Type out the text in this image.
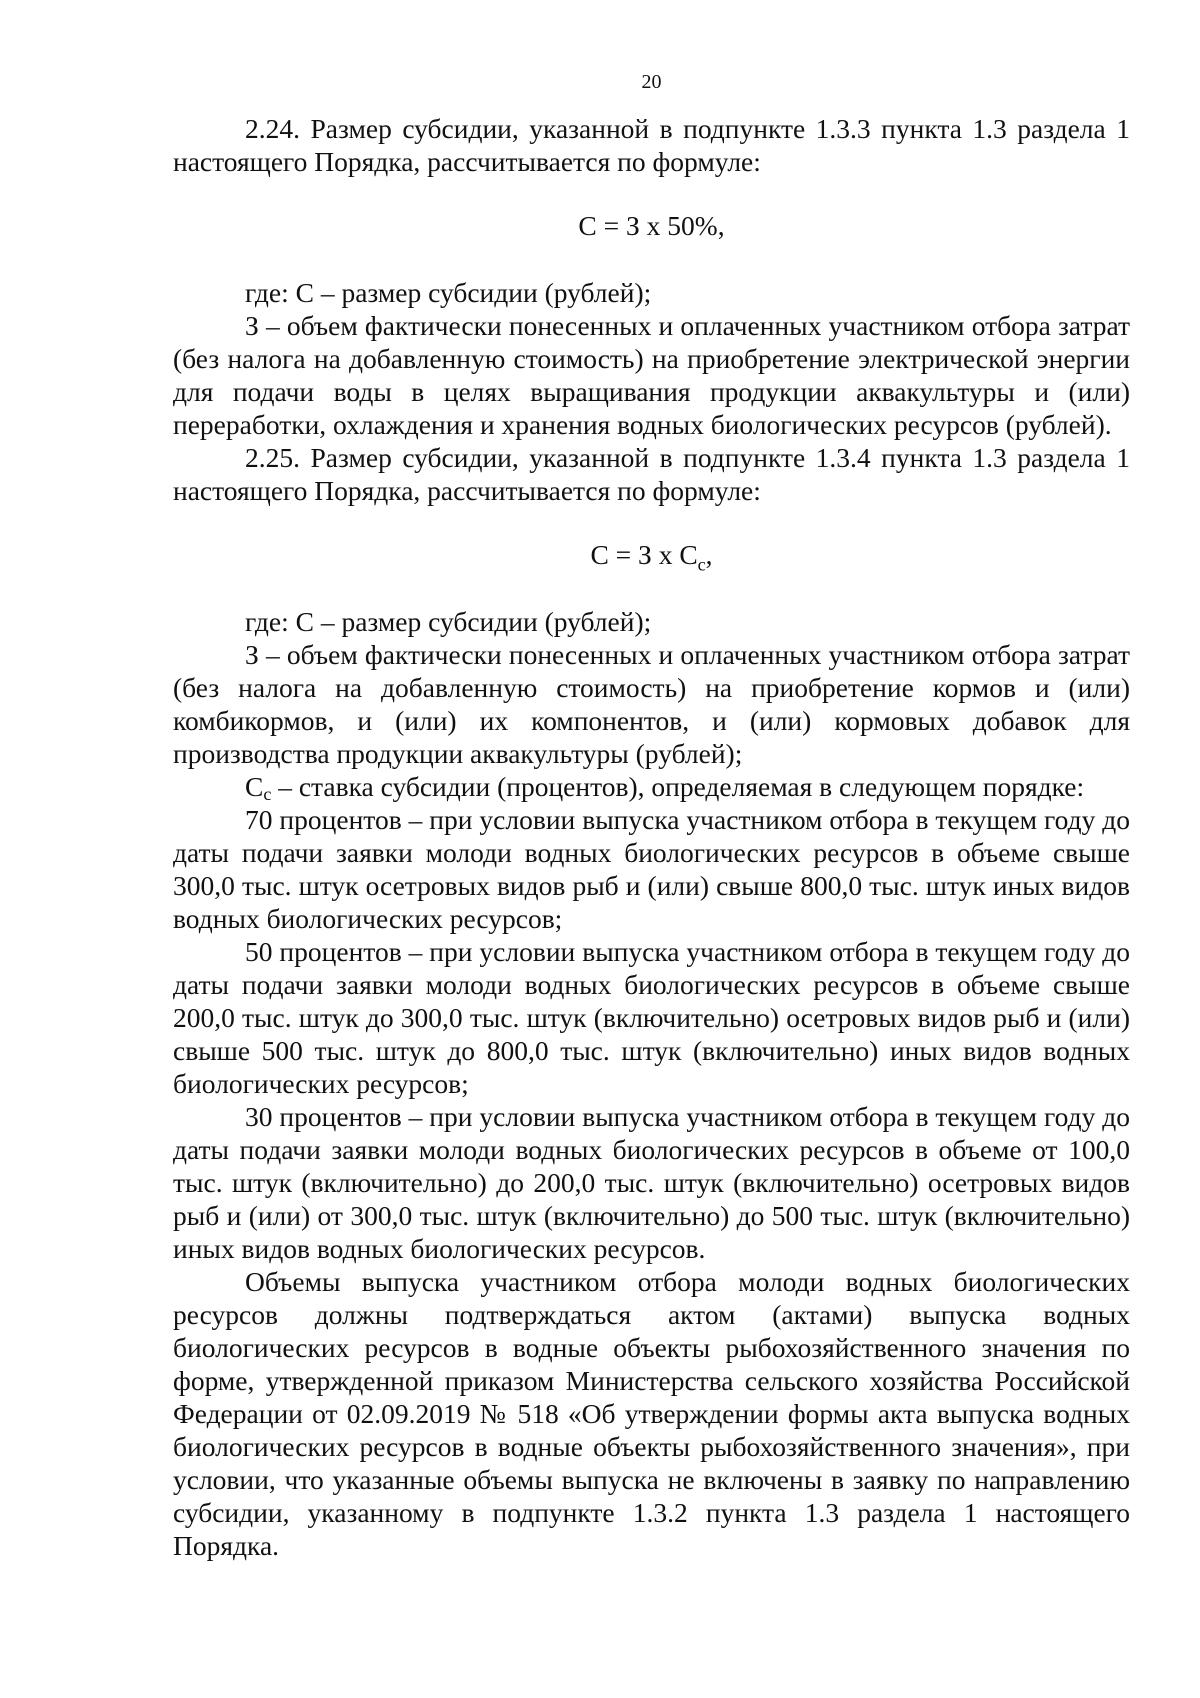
20

2.24. Размер субсидии, указанной в подпункте 1.3.3 пункта 1.3 раздела 1 настоящего Порядка, рассчитывается по формуле:

С = З х 50%,

где: С – размер субсидии (рублей);

З – объем фактически понесенных и оплаченных участником отбора затрат (без налога на добавленную стоимость) на приобретение электрической энергии для подачи воды в целях выращивания продукции аквакультуры и (или) переработки, охлаждения и хранения водных биологических ресурсов (рублей).

2.25. Размер субсидии, указанной в подпункте 1.3.4 пункта 1.3 раздела 1 настоящего Порядка, рассчитывается по формуле:

С = З х $С_с$,

где: С – размер субсидии (рублей);

З – объем фактически понесенных и оплаченных участником отбора затрат (без налога на добавленную стоимость) на приобретение кормов и (или) комбикормов, и (или) их компонентов, и (или) кормовых добавок для производства продукции аквакультуры (рублей);

Сс – ставка субсидии (процентов), определяемая в следующем порядке:

70 процентов – при условии выпуска участником отбора в текущем году до даты подачи заявки молоди водных биологических ресурсов в объеме свыше 300,0 тыс. штук осетровых видов рыб и (или) свыше 800,0 тыс. штук иных видов водных биологических ресурсов;

50 процентов – при условии выпуска участником отбора в текущем году до даты подачи заявки молоди водных биологических ресурсов в объеме свыше 200,0 тыс. штук до 300,0 тыс. штук (включительно) осетровых видов рыб и (или) свыше 500 тыс. штук до 800,0 тыс. штук (включительно) иных видов водных биологических ресурсов;

30 процентов – при условии выпуска участником отбора в текущем году до даты подачи заявки молоди водных биологических ресурсов в объеме от 100,0 тыс. штук (включительно) до 200,0 тыс. штук (включительно) осетровых видов рыб и (или) от 300,0 тыс. штук (включительно) до 500 тыс. штук (включительно) иных видов водных биологических ресурсов.

Объемы выпуска участником отбора молоди водных биологических ресурсов должны подтверждаться актом (актами) выпуска водных биологических ресурсов в водные объекты рыбохозяйственного значения по форме, утвержденной приказом Министерства сельского хозяйства Российской Федерации от 02.09.2019 № 518 «Об утверждении формы акта выпуска водных биологических ресурсов в водные объекты рыбохозяйственного значения», при условии, что указанные объемы выпуска не включены в заявку по направлению субсидии, указанному в подпункте 1.3.2 пункта 1.3 раздела 1 настоящего Порядка.
